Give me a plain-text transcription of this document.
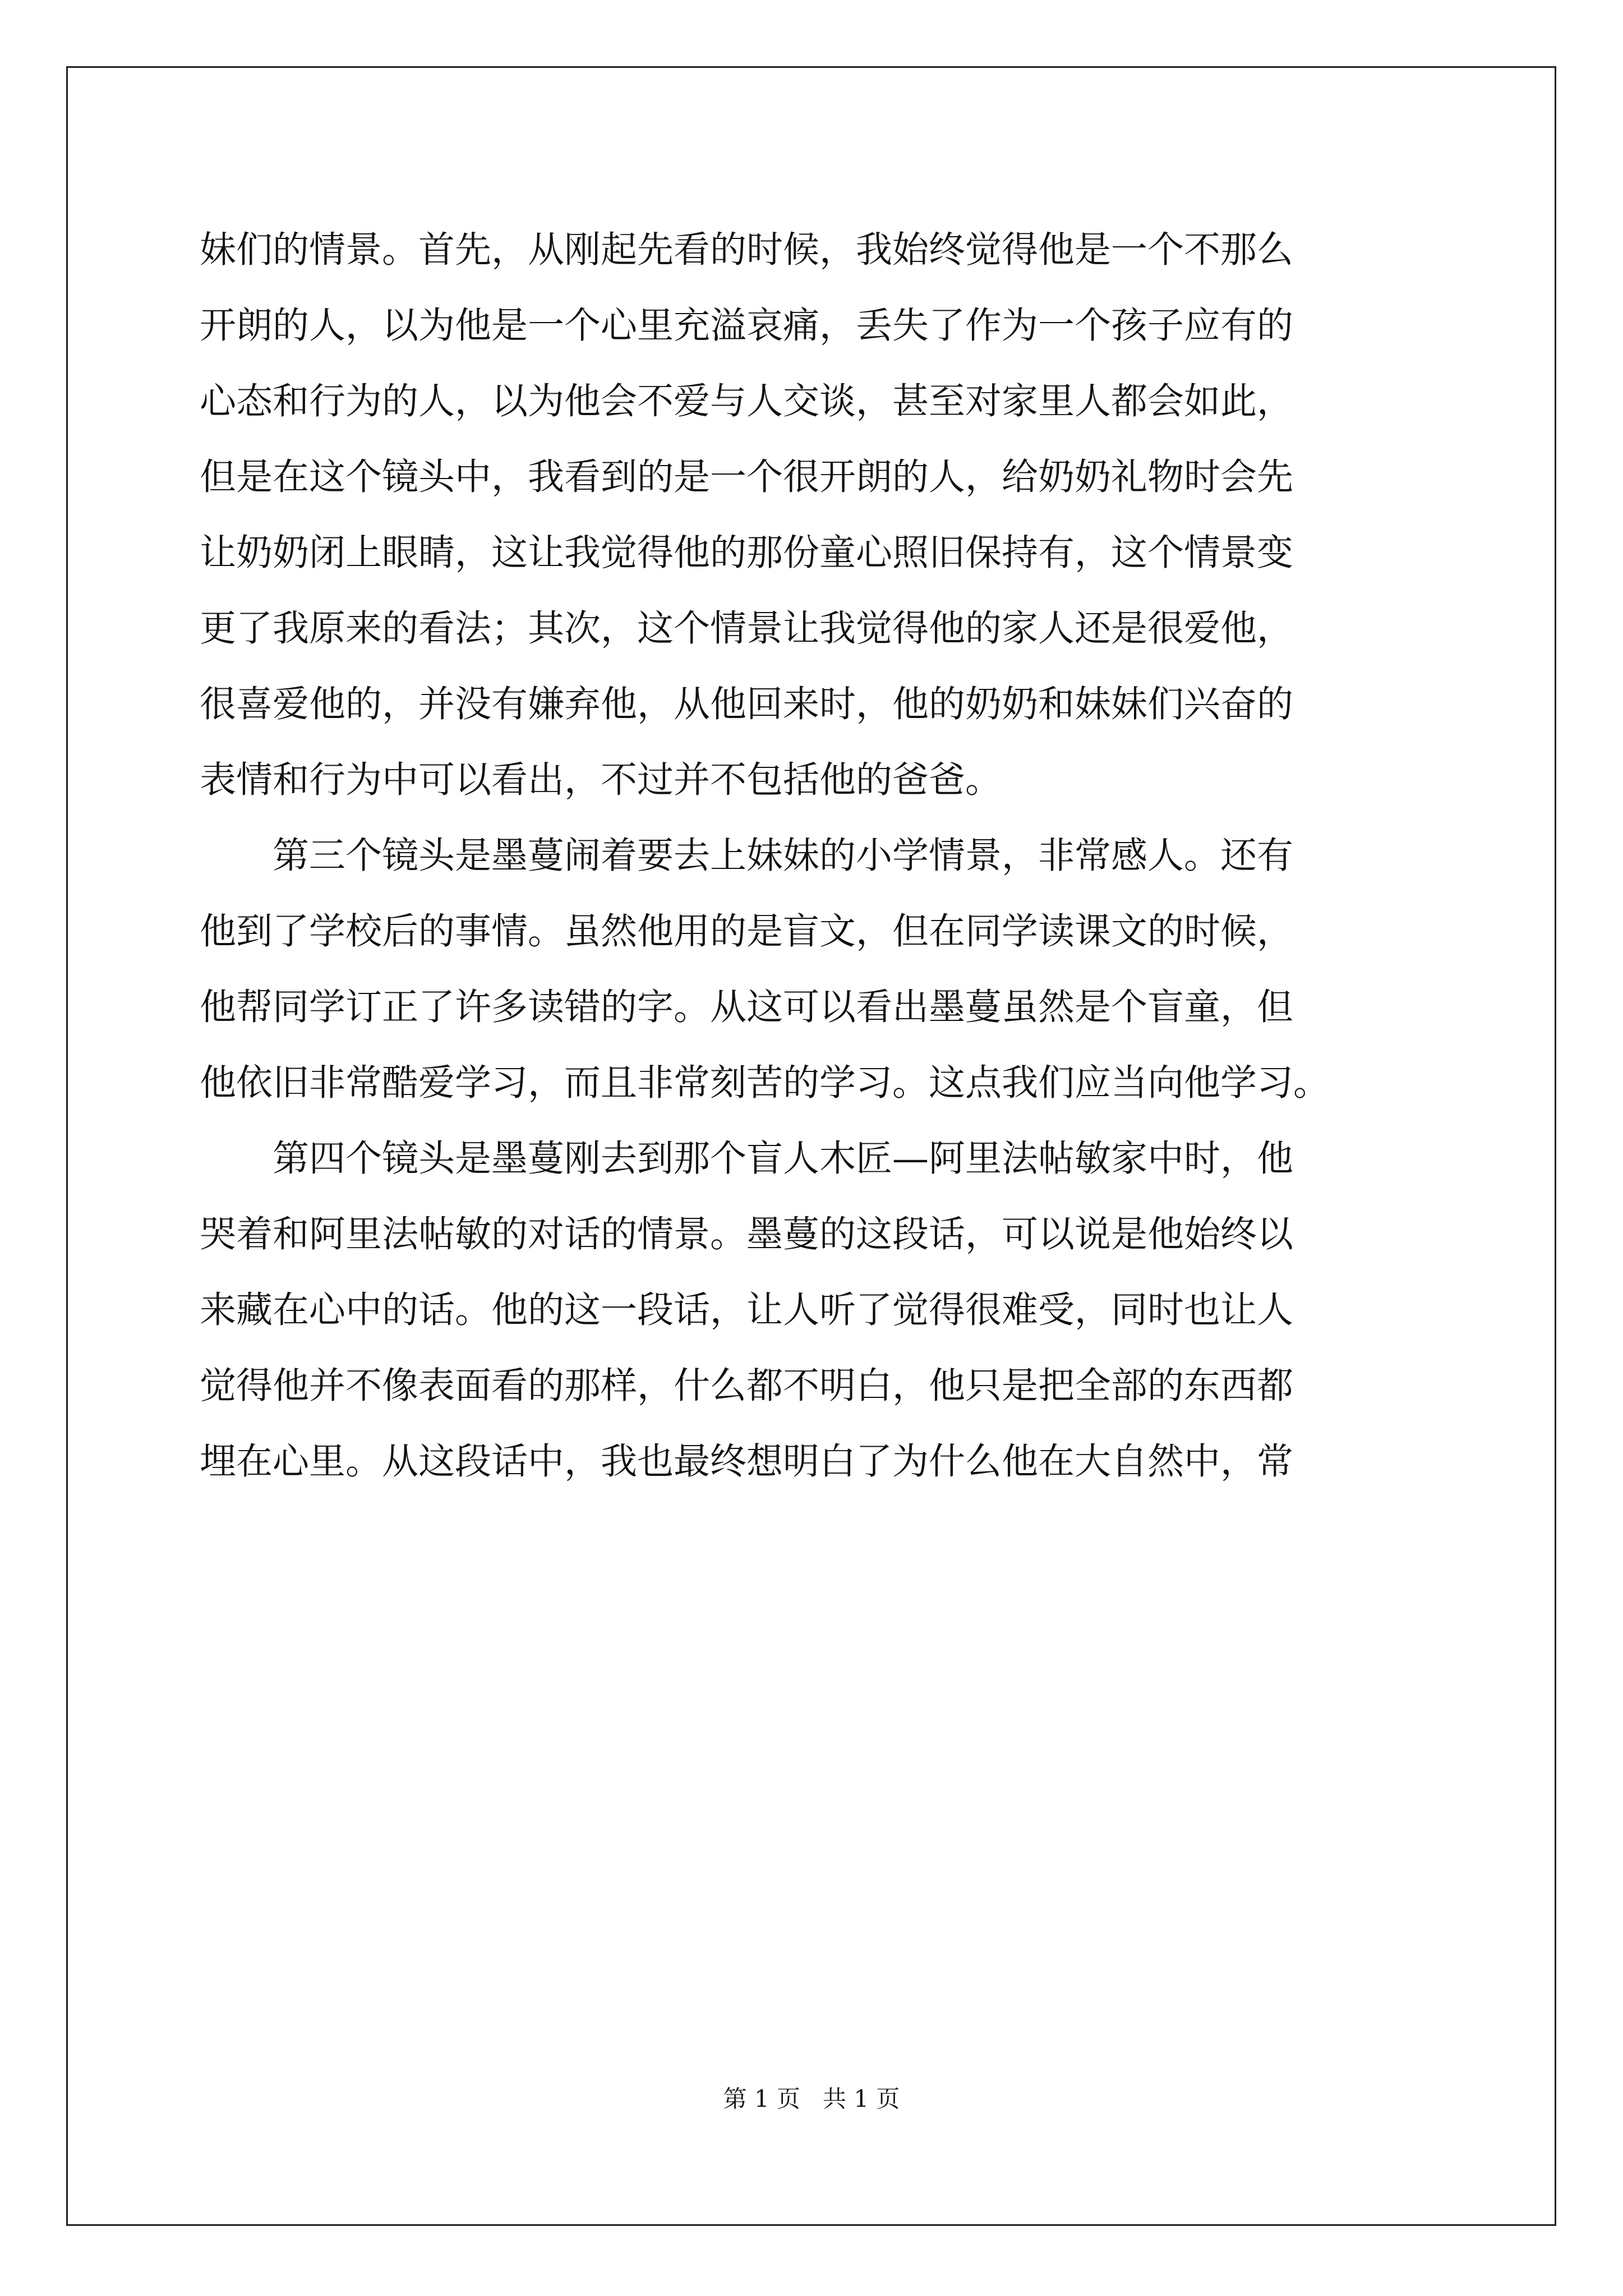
妹们的情景。首先，从刚起先看的时候，我始终觉得他是一个不那么
开朗的人，以为他是一个心里充溢哀痛，丢失了作为一个孩子应有的
心态和行为的人，以为他会不爱与人交谈，甚至对家里人都会如此，
但是在这个镜头中，我看到的是一个很开朗的人，给奶奶礼物时会先
让奶奶闭上眼睛，这让我觉得他的那份童心照旧保持有，这个情景变
更了我原来的看法；其次，这个情景让我觉得他的家人还是很爱他，
很喜爱他的，并没有嫌弃他，从他回来时，他的奶奶和妹妹们兴奋的
表情和行为中可以看出，不过并不包括他的爸爸。
　　第三个镜头是墨蔓闹着要去上妹妹的小学情景，非常感人。还有
他到了学校后的事情。虽然他用的是盲文，但在同学读课文的时候，
他帮同学订正了许多读错的字。从这可以看出墨蔓虽然是个盲童，但
他依旧非常酷爱学习，而且非常刻苦的学习。这点我们应当向他学习。
　　第四个镜头是墨蔓刚去到那个盲人木匠—阿里法帖敏家中时，他
哭着和阿里法帖敏的对话的情景。墨蔓的这段话，可以说是他始终以
来藏在心中的话。他的这一段话，让人听了觉得很难受，同时也让人
觉得他并不像表面看的那样，什么都不明白，他只是把全部的东西都
埋在心里。从这段话中，我也最终想明白了为什么他在大自然中，常
第 1 页 共 1 页
